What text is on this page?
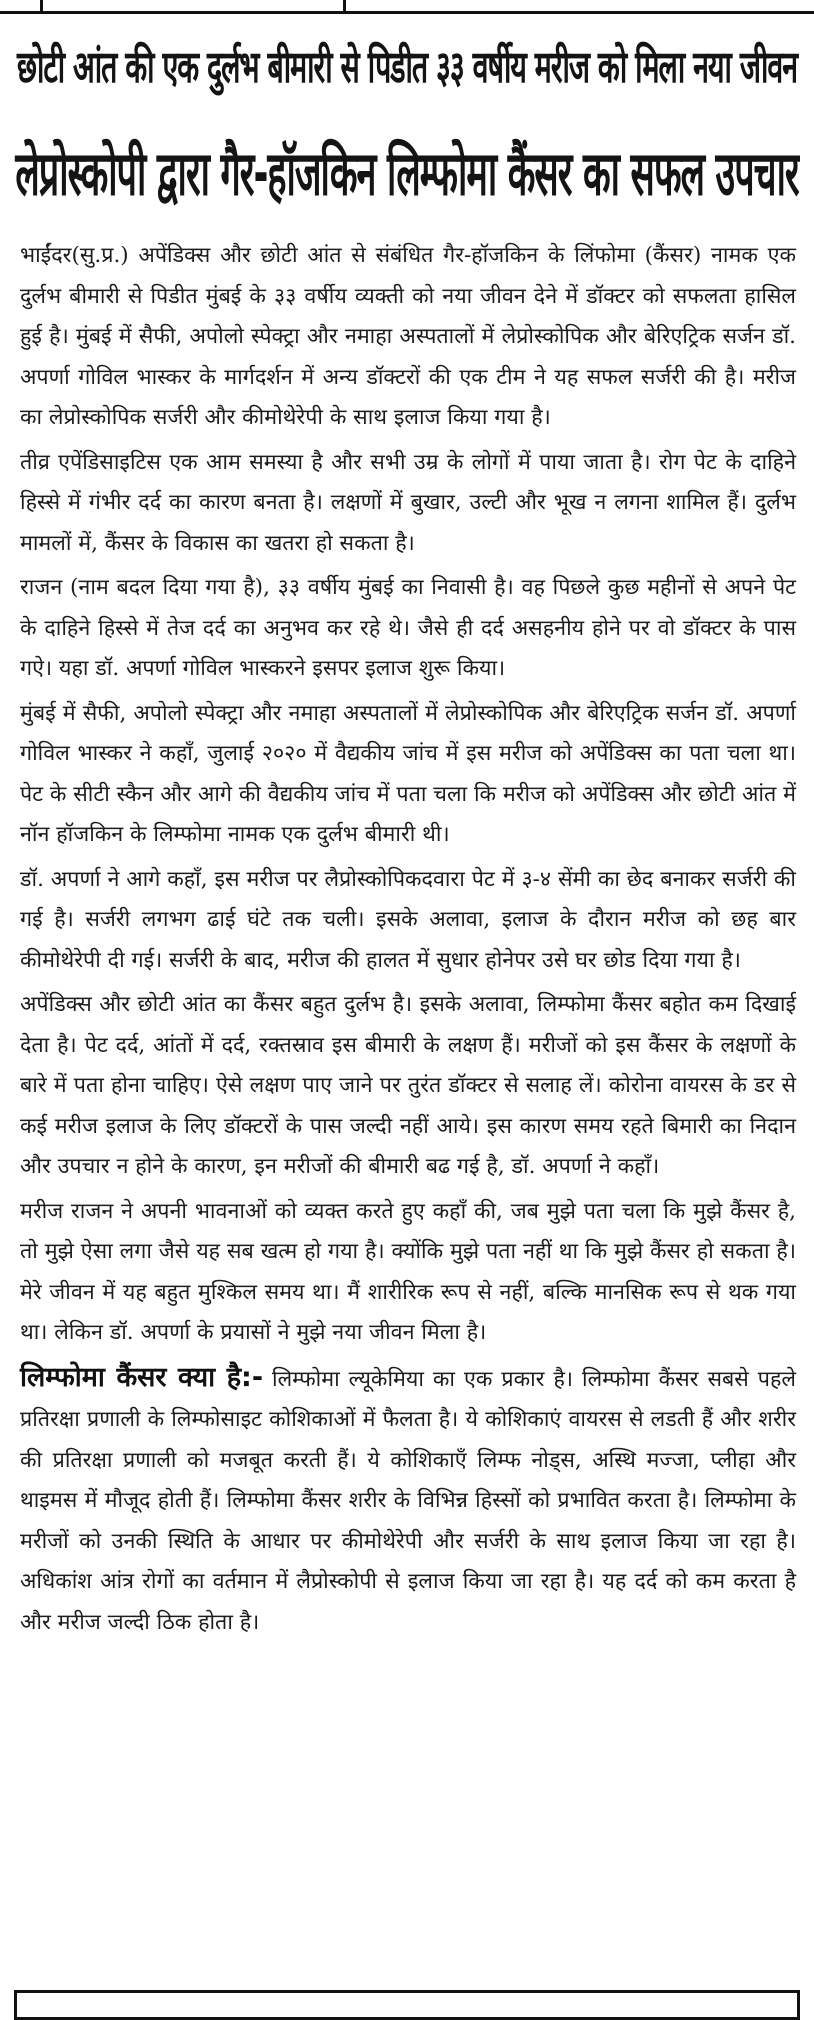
छोटी आंत की एक दुर्लभ बीमारी से पिडीत ३३ वर्षीय मरीज को मिला नया जीवन
लेप्रोस्कोपी द्वारा गैर-हॉजकिन लिम्फोमा कैंसर का सफल उपचार

भाईंदर(सु.प्र.) अपेंडिक्स और छोटी आंत से संबंधित गैर-हॉजकिन के लिंफोमा (कैंसर) नामक एक दुर्लभ बीमारी से पिडीत मुंबई के ३३ वर्षीय व्यक्ती को नया जीवन देने में डॉक्टर को सफलता हासिल हुई है। मुंबई में सैफी, अपोलो स्पेक्ट्रा और नमाहा अस्पतालों में लेप्रोस्कोपिक और बेरिएट्रिक सर्जन डॉ. अपर्णा गोविल भास्कर के मार्गदर्शन में अन्य डॉक्टरों की एक टीम ने यह सफल सर्जरी की है। मरीज का लेप्रोस्कोपिक सर्जरी और कीमोथेरेपी के साथ इलाज किया गया है।

तीव्र एपेंडिसाइटिस एक आम समस्या है और सभी उम्र के लोगों में पाया जाता है। रोग पेट के दाहिने हिस्से में गंभीर दर्द का कारण बनता है। लक्षणों में बुखार, उल्टी और भूख न लगना शामिल हैं। दुर्लभ मामलों में, कैंसर के विकास का खतरा हो सकता है।

राजन (नाम बदल दिया गया है), ३३ वर्षीय मुंबई का निवासी है। वह पिछले कुछ महीनों से अपने पेट के दाहिने हिस्से में तेज दर्द का अनुभव कर रहे थे। जैसे ही दर्द असहनीय होने पर वो डॉक्टर के पास गऐ। यहा डॉ. अपर्णा गोविल भास्करने इसपर इलाज शुरू किया।

मुंबई में सैफी, अपोलो स्पेक्ट्रा और नमाहा अस्पतालों में लेप्रोस्कोपिक और बेरिएट्रिक सर्जन डॉ. अपर्णा गोविल भास्कर ने कहाँ, जुलाई २०२० में वैद्यकीय जांच में इस मरीज को अपेंडिक्स का पता चला था। पेट के सीटी स्कैन और आगे की वैद्यकीय जांच में पता चला कि मरीज को अपेंडिक्स और छोटी आंत में नॉन हॉजकिन के लिम्फोमा नामक एक दुर्लभ बीमारी थी।

डॉ. अपर्णा ने आगे कहाँ, इस मरीज पर लैप्रोस्कोपिकदवारा पेट में ३-४ सेंमी का छेद बनाकर सर्जरी की गई है। सर्जरी लगभग ढाई घंटे तक चली। इसके अलावा, इलाज के दौरान मरीज को छह बार कीमोथेरेपी दी गई। सर्जरी के बाद, मरीज की हालत में सुधार होनेपर उसे घर छोड दिया गया है।

अपेंडिक्स और छोटी आंत का कैंसर बहुत दुर्लभ है। इसके अलावा, लिम्फोमा कैंसर बहोत कम दिखाई देता है। पेट दर्द, आंतों में दर्द, रक्तस्राव इस बीमारी के लक्षण हैं। मरीजों को इस कैंसर के लक्षणों के बारे में पता होना चाहिए। ऐसे लक्षण पाए जाने पर तुरंत डॉक्टर से सलाह लें। कोरोना वायरस के डर से कई मरीज इलाज के लिए डॉक्टरों के पास जल्दी नहीं आये। इस कारण समय रहते बिमारी का निदान और उपचार न होने के कारण, इन मरीजों की बीमारी बढ गई है, डॉ. अपर्णा ने कहाँ।

मरीज राजन ने अपनी भावनाओं को व्यक्त करते हुए कहाँ की, जब मुझे पता चला कि मुझे कैंसर है, तो मुझे ऐसा लगा जैसे यह सब खत्म हो गया है। क्योंकि मुझे पता नहीं था कि मुझे कैंसर हो सकता है। मेरे जीवन में यह बहुत मुश्किल समय था। मैं शारीरिक रूप से नहीं, बल्कि मानसिक रूप से थक गया था। लेकिन डॉ. अपर्णा के प्रयासों ने मुझे नया जीवन मिला है।

लिम्फोमा कैंसर क्या है:- लिम्फोमा ल्यूकेमिया का एक प्रकार है। लिम्फोमा कैंसर सबसे पहले प्रतिरक्षा प्रणाली के लिम्फोसाइट कोशिकाओं में फैलता है। ये कोशिकाएं वायरस से लडती हैं और शरीर की प्रतिरक्षा प्रणाली को मजबूत करती हैं। ये कोशिकाएँ लिम्फ नोड्स, अस्थि मज्जा, प्लीहा और थाइमस में मौजूद होती हैं। लिम्फोमा कैंसर शरीर के विभिन्न हिस्सों को प्रभावित करता है। लिम्फोमा के मरीजों को उनकी स्थिति के आधार पर कीमोथेरेपी और सर्जरी के साथ इलाज किया जा रहा है। अधिकांश आंत्र रोगों का वर्तमान में लैप्रोस्कोपी से इलाज किया जा रहा है। यह दर्द को कम करता है और मरीज जल्दी ठिक होता है।
